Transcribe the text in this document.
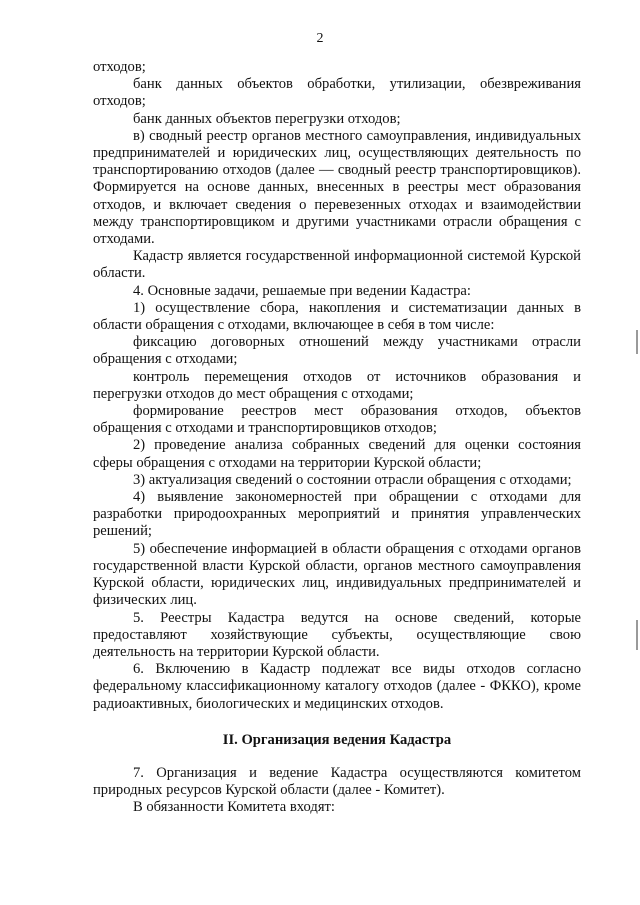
2

отходов;

банк данных объектов обработки, утилизации, обезвреживания отходов;

банк данных объектов перегрузки отходов;

в) сводный реестр органов местного самоуправления, индивидуальных предпринимателей и юридических лиц, осуществляющих деятельность по транспортированию отходов (далее — сводный реестр транспортировщиков). Формируется на основе данных, внесенных в реестры мест образования отходов, и включает сведения о перевезенных отходах и взаимодействии между транспортировщиком и другими участниками отрасли обращения с отходами.

Кадастр является государственной информационной системой Курской области.

4. Основные задачи, решаемые при ведении Кадастра:

1) осуществление сбора, накопления и систематизации данных в области обращения с отходами, включающее в себя в том числе:

фиксацию договорных отношений между участниками отрасли обращения с отходами;

контроль перемещения отходов от источников образования и перегрузки отходов до мест обращения с отходами;

формирование реестров мест образования отходов, объектов обращения с отходами и транспортировщиков отходов;

2) проведение анализа собранных сведений для оценки состояния сферы обращения с отходами на территории Курской области;

3) актуализация сведений о состоянии отрасли обращения с отходами;

4) выявление закономерностей при обращении с отходами для разработки природоохранных мероприятий и принятия управленческих решений;

5) обеспечение информацией в области обращения с отходами органов государственной власти Курской области, органов местного самоуправления Курской области, юридических лиц, индивидуальных предпринимателей и физических лиц.

5. Реестры Кадастра ведутся на основе сведений, которые предоставляют хозяйствующие субъекты, осуществляющие свою деятельность на территории Курской области.

6. Включению в Кадастр подлежат все виды отходов согласно федеральному классификационному каталогу отходов (далее - ФККО), кроме радиоактивных, биологических и медицинских отходов.

II. Организация ведения Кадастра

7. Организация и ведение Кадастра осуществляются комитетом природных ресурсов Курской области (далее - Комитет).

В обязанности Комитета входят:
